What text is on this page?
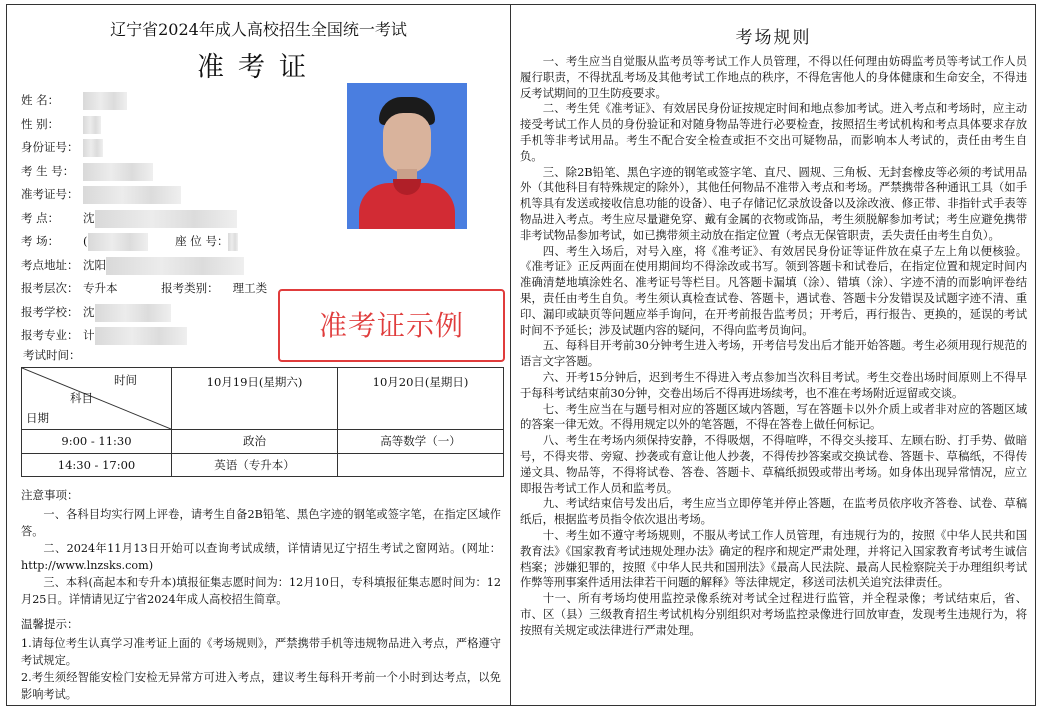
辽宁省2024年成人高校招生全国统一考试
准考证
姓 名：
性 别：
身份证号：
考 生 号：
准考证号：
考 点： 沈
考 场： (	座 位 号：
考点地址： 沈阳
报考层次： 专升本	报考类别： 理工类
报考学校： 沈
报考专业： 计	准考证示例
考试时间：
时间
科目
日期	10月19日(星期六)	10月20日(星期日)
9:00 - 11:30	政治	高等数学（一）
14:30 - 17:00	英语（专升本）	
注意事项：

一、各科目均实行网上评卷，请考生自备2B铅笔、黑色字迹的钢笔或签字笔，在指定区域作答。

二、2024年11月13日开始可以查询考试成绩，详情请见辽宁招生考试之窗网站。(网址：http://www.lnzsks.com)

三、本科(高起本和专升本)填报征集志愿时间为：12月10日，专科填报征集志愿时间为：12月25日。详情请见辽宁省2024年成人高校招生简章。

温馨提示：

1.请每位考生认真学习准考证上面的《考场规则》，严禁携带手机等违规物品进入考点，严格遵守考试规定。

2.考生须经智能安检门安检无异常方可进入考点，建议考生每科开考前一个小时到达考点，以免影响考试。

考场规则

一、考生应当自觉服从监考员等考试工作人员管理，不得以任何理由妨碍监考员等考试工作人员履行职责，不得扰乱考场及其他考试工作地点的秩序，不得危害他人的身体健康和生命安全，不得违反考试期间的卫生防疫要求。

二、考生凭《准考证》、有效居民身份证按规定时间和地点参加考试。进入考点和考场时，应主动接受考试工作人员的身份验证和对随身物品等进行必要检查，按照招生考试机构和考点具体要求存放手机等非考试用品。考生不配合安全检查或拒不交出可疑物品，而影响本人考试的，责任由考生自负。

三、除2B铅笔、黑色字迹的钢笔或签字笔、直尺、圆规、三角板、无封套橡皮等必须的考试用品外（其他科目有特殊规定的除外），其他任何物品不准带入考点和考场。严禁携带各种通讯工具（如手机等具有发送或接收信息功能的设备）、电子存储记忆录放设备以及涂改液、修正带、非指针式手表等物品进入考点。考生应尽量避免穿、戴有金属的衣物或饰品，考生须脱解参加考试；考生应避免携带非考试物品参加考试，如已携带须主动放在指定位置（考点无保管职责，丢失责任由考生自负）。

四、考生入场后，对号入座，将《准考证》、有效居民身份证等证件放在桌子左上角以便核验。《准考证》正反两面在使用期间均不得涂改或书写。领到答题卡和试卷后，在指定位置和规定时间内准确清楚地填涂姓名、准考证号等栏目。凡答题卡漏填（涂）、错填（涂）、字迹不清的而影响评卷结果，责任由考生自负。考生须认真检查试卷、答题卡，遇试卷、答题卡分发错误及试题字迹不清、重印、漏印或缺页等问题应举手询问，在开考前报告监考员；开考后，再行报告、更换的，延误的考试时间不予延长；涉及试题内容的疑问，不得向监考员询问。

五、每科目开考前30分钟考生进入考场，开考信号发出后才能开始答题。考生必须用现行规范的语言文字答题。

六、开考15分钟后，迟到考生不得进入考点参加当次科目考试。考生交卷出场时间原则上不得早于每科考试结束前30分钟，交卷出场后不得再进场续考，也不准在考场附近逗留或交谈。

七、考生应当在与题号相对应的答题区域内答题，写在答题卡以外介质上或者非对应的答题区域的答案一律无效。不得用规定以外的笔答题，不得在答卷上做任何标记。

八、考生在考场内须保持安静，不得吸烟，不得喧哗，不得交头接耳、左顾右盼、打手势、做暗号，不得夹带、旁窥、抄袭或有意让他人抄袭，不得传抄答案或交换试卷、答题卡、草稿纸，不得传递文具、物品等，不得将试卷、答卷、答题卡、草稿纸损毁或带出考场。如身体出现异常情况，应立即报告考试工作人员和监考员。

九、考试结束信号发出后，考生应当立即停笔并停止答题，在监考员依序收齐答卷、试卷、草稿纸后，根据监考员指令依次退出考场。

十、考生如不遵守考场规则，不服从考试工作人员管理，有违规行为的，按照《中华人民共和国教育法》《国家教育考试违规处理办法》确定的程序和规定严肃处理，并将记入国家教育考试考生诚信档案；涉嫌犯罪的，按照《中华人民共和国刑法》《最高人民法院、最高人民检察院关于办理组织考试作弊等刑事案件适用法律若干问题的解释》等法律规定，移送司法机关追究法律责任。

十一、所有考场均使用监控录像系统对考试全过程进行监管，并全程录像；考试结束后，省、市、区（县）三级教育招生考试机构分别组织对考场监控录像进行回放审查，发现考生违规行为，将按照有关规定或法律进行严肃处理。
